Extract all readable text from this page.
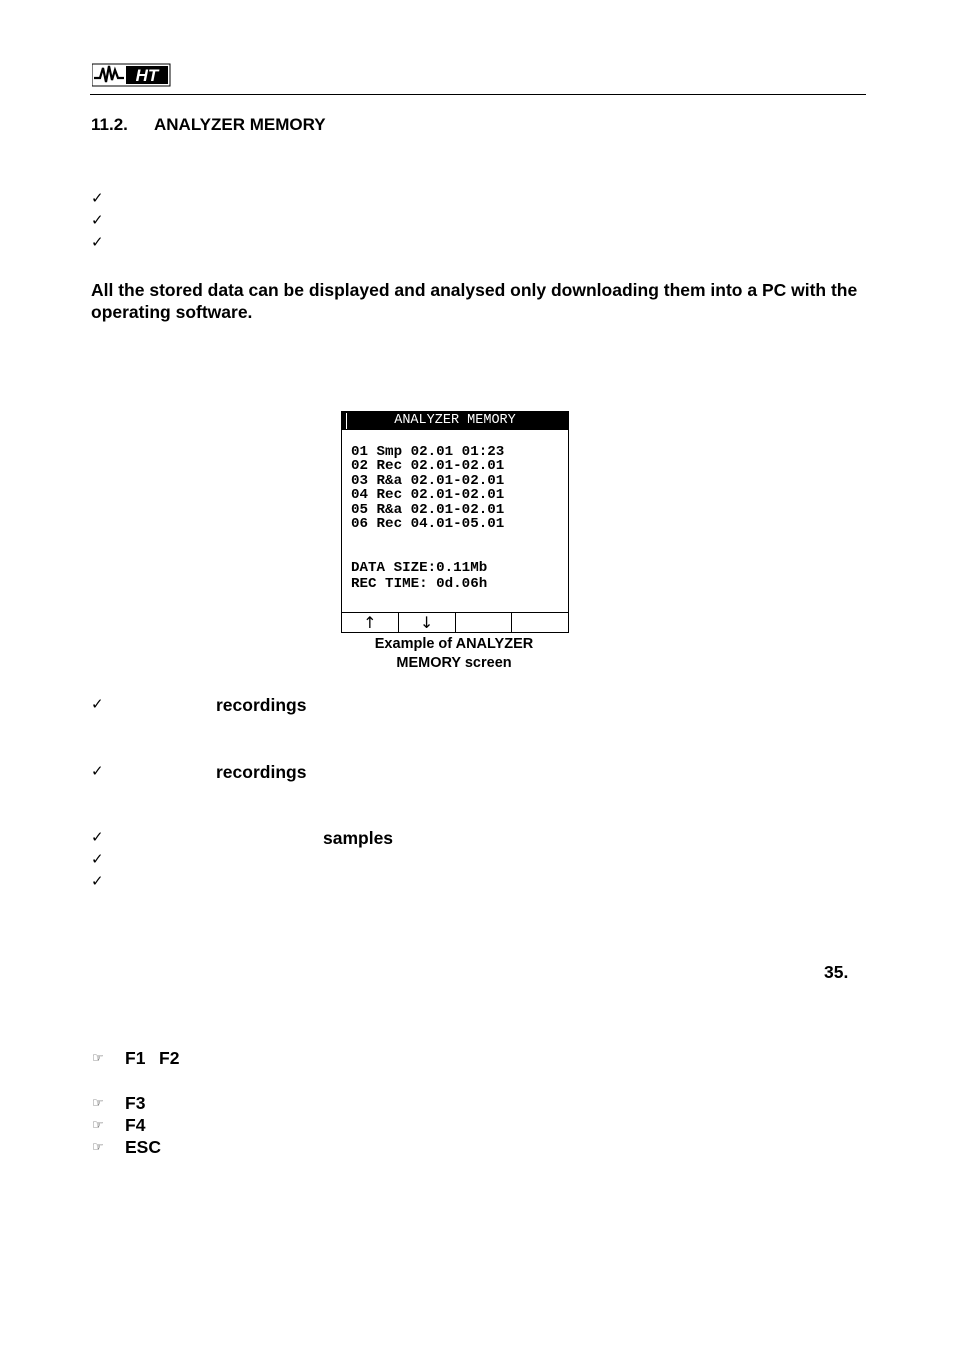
HT
11.2. ANALYZER MEMORY
✓
✓
✓
All the stored data can be displayed and analysed only downloading them into a PC with the operating software.
ANALYZER MEMORY
01 Smp 02.01 01:23
02 Rec 02.01-02.01
03 R&a 02.01-02.01
04 Rec 02.01-02.01
05 R&a 02.01-02.01
06 Rec 04.01-05.01
DATA SIZE:0.11Mb
REC TIME: 0d.06h
↑	↓
Example of ANALYZER
MEMORY screen
✓	recordings
✓	recordings
✓	samples
✓
✓
35.
☞ F1 F2
☞ F3
☞ F4
☞ ESC
